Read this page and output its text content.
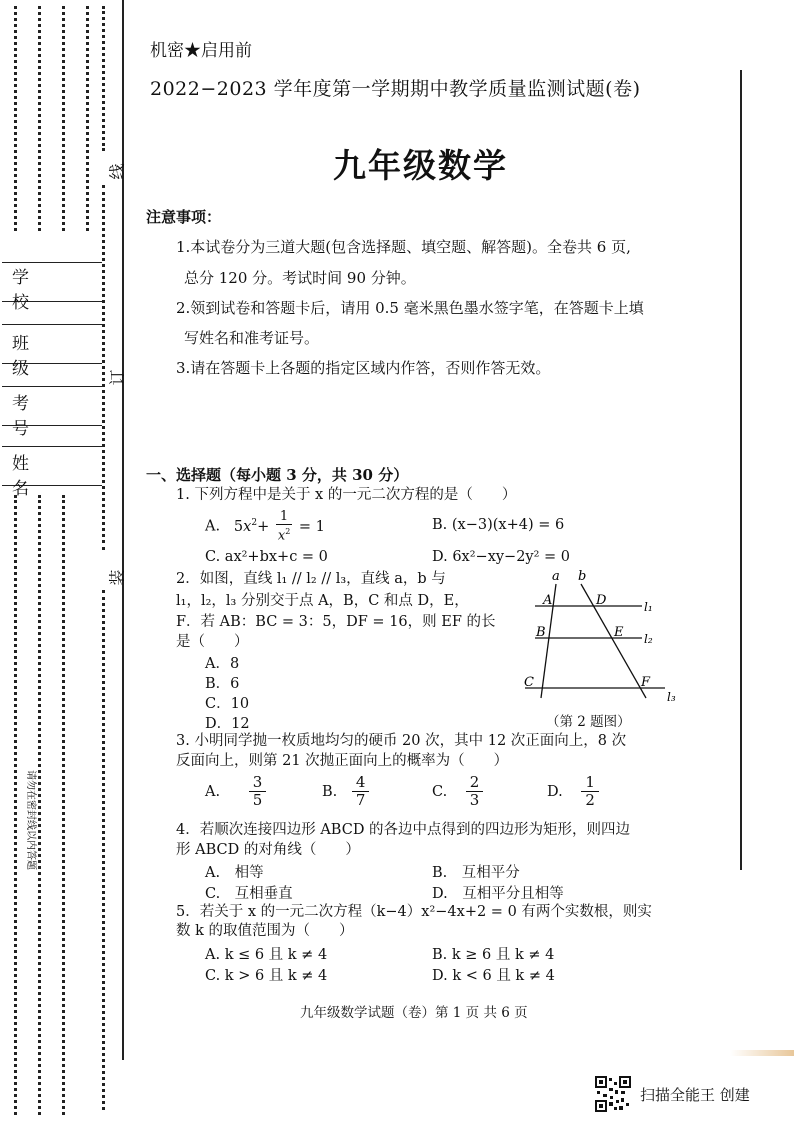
线
订
装
学　校
班　级
考　号
姓　名
请勿在密封线以内答题
机密★启用前
2022−2023 学年度第一学期期中教学质量监测试题(卷)
九年级数学
注意事项：
1.本试卷分为三道大题(包含选择题、填空题、解答题)。全卷共 6 页,
总分 120 分。考试时间 90 分钟。
2.领到试卷和答题卡后，请用 0.5 毫米黑色墨水签字笔，在答题卡上填
写姓名和准考证号。
3.请在答题卡上各题的指定区域内作答，否则作答无效。
一、选择题（每小题 3 分，共 30 分）
1. 下列方程中是关于 x 的一元二次方程的是（　　）
A.   $5x^2+ \frac{1}{x^2} = 1$	B. (x−3)(x+4) = 6
C. ax²+bx+c = 0	D. 6x²−xy−2y² = 0
2．如图，直线 l₁ // l₂ // l₃，直线 a，b 与
l₁，l₂，l₃ 分别交于点 A，B，C 和点 D，E，
F．若 AB：BC = 3：5，DF = 16，则 EF 的长
是（　　）
A．8
B．6
C．10
D．12
a b
A	D	l₁
B	E l₂
C	F
l₃
（第 2 题图）
3. 小明同学抛一枚质地均匀的硬币 20 次，其中 12 次正面向上，8 次
反面向上，则第 21 次抛正面向上的概率为（　　）
A. $\frac{3}{5}$	B. $\frac{4}{7}$	C. $\frac{2}{3}$	D. $\frac{1}{2}$
4．若顺次连接四边形 ABCD 的各边中点得到的四边形为矩形，则四边
形 ABCD 的对角线（　　）
A.　相等	B.　互相平分
C.　互相垂直	D.　互相平分且相等
5．若关于 x 的一元二次方程（k−4）x²−4x+2 = 0 有两个实数根，则实
数 k 的取值范围为（　　）
A. k ≤ 6 且 k ≠ 4	B. k ≥ 6 且 k ≠ 4
C. k > 6 且 k ≠ 4	D. k < 6 且 k ≠ 4
九年级数学试题（卷）第 1 页 共 6 页
扫描全能王 创建
